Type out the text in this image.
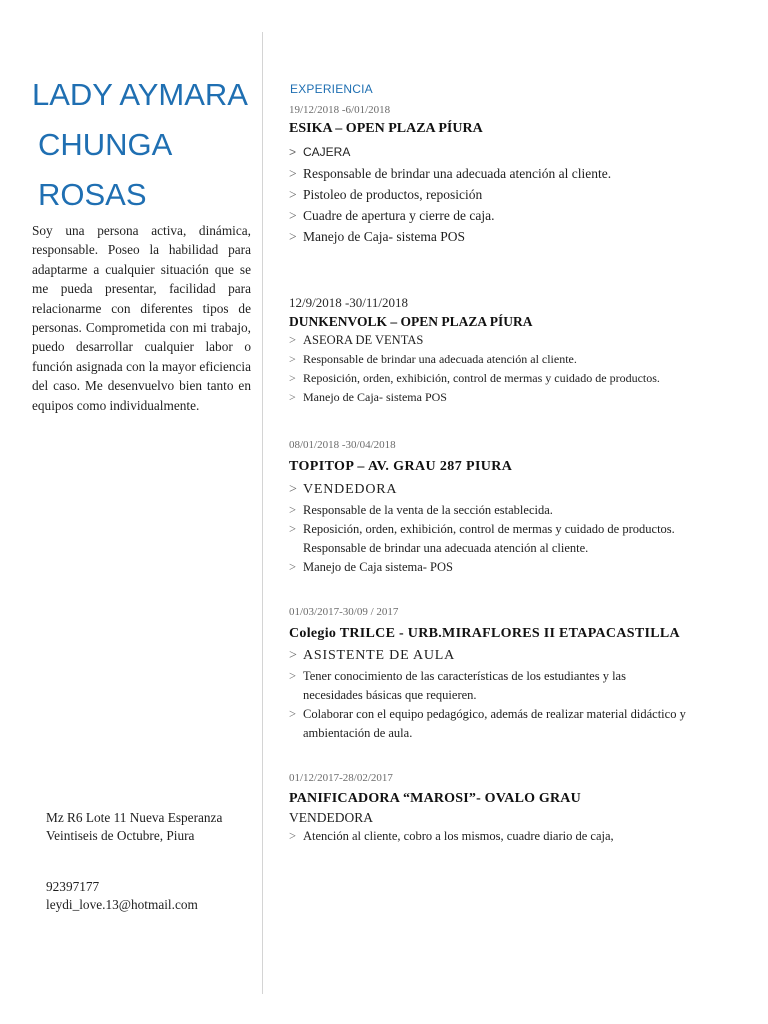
LADY AYMARA
CHUNGA
ROSAS

Soy una persona activa, dinámica, responsable. Poseo la habilidad para adaptarme a cualquier situación que se me pueda presentar, facilidad para relacionarme con diferentes tipos de personas. Comprometida con mi trabajo, puedo desarrollar cualquier labor o función asignada con la mayor eficiencia del caso. Me desenvuelvo bien tanto en equipos como individualmente.

Mz R6 Lote 11 Nueva Esperanza
Veintiseis de Octubre, Piura

92397177
leydi_love.13@hotmail.com

EXPERIENCIA
19/12/2018 -6/01/2018
ESIKA – OPEN PLAZA PÍURA
> CAJERA
> Responsable de brindar una adecuada atención al cliente.
> Pistoleo de productos, reposición
> Cuadre de apertura y cierre de caja.
> Manejo de Caja- sistema POS
12/9/2018 -30/11/2018
DUNKENVOLK – OPEN PLAZA PÍURA
> ASEORA DE VENTAS
> Responsable de brindar una adecuada atención al cliente.
> Reposición, orden, exhibición, control de mermas y cuidado de productos.
> Manejo de Caja- sistema POS
08/01/2018 -30/04/2018
TOPITOP – AV. GRAU 287 PIURA
> VENDEDORA
> Responsable de la venta de la sección establecida.
> Reposición, orden, exhibición, control de mermas y cuidado de productos. Responsable de brindar una adecuada atención al cliente.
> Manejo de Caja sistema- POS
01/03/2017-30/09 / 2017
Colegio TRILCE - URB.MIRAFLORES II ETAPACASTILLA
> ASISTENTE DE AULA
> Tener conocimiento de las características de los estudiantes y las necesidades básicas que requieren.
> Colaborar con el equipo pedagógico, además de realizar material didáctico y ambientación de aula.
01/12/2017-28/02/2017
PANIFICADORA “MAROSI”- OVALO GRAU
VENDEDORA
> Atención al cliente, cobro a los mismos, cuadre diario de caja,
